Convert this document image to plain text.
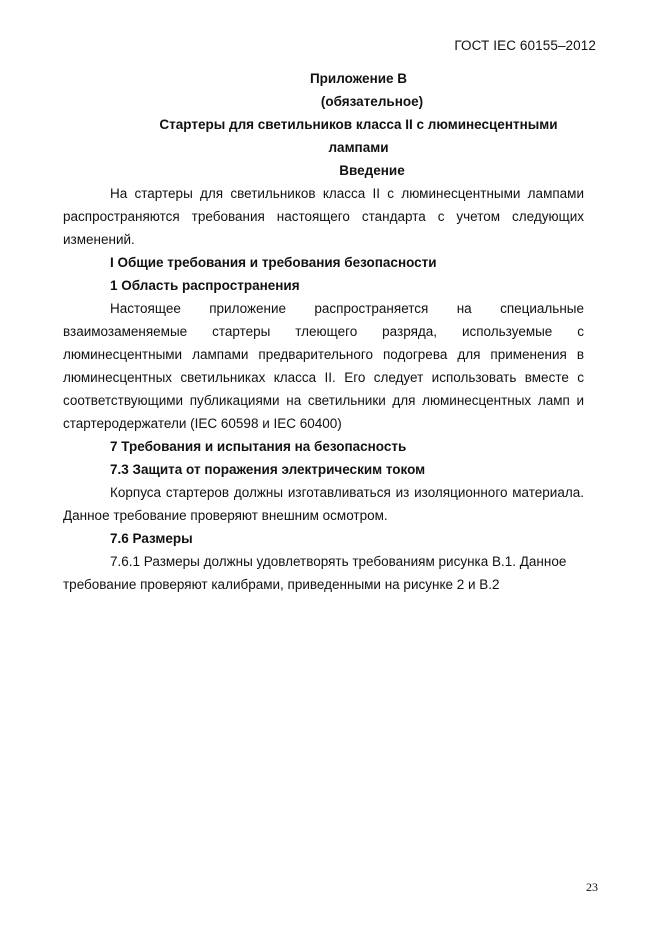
ГОСТ IEC 60155–2012
Приложение В
(обязательное)
Стартеры для светильников класса II с люминесцентными лампами
Введение

На стартеры для светильников класса II с люминесцентными лампами распространяются требования настоящего стандарта с учетом следующих изменений.

I Общие требования и требования безопасности
1 Область распространения

Настоящее приложение распространяется на специальные взаимозаменяемые стартеры тлеющего разряда, используемые с люминесцентными лампами предварительного подогрева для применения в люминесцентных светильниках класса II. Его следует использовать вместе с соответствующими публикациями на светильники для люминесцентных ламп и стартеродержатели (IEC 60598 и IEC 60400)

7 Требования и испытания на безопасность
7.3 Защита от поражения электрическим током

Корпуса стартеров должны изготавливаться из изоляционного материала. Данное требование проверяют внешним осмотром.

7.6 Размеры

7.6.1 Размеры должны удовлетворять требованиям рисунка В.1. Данное требование проверяют калибрами, приведенными на рисунке 2 и В.2

23
